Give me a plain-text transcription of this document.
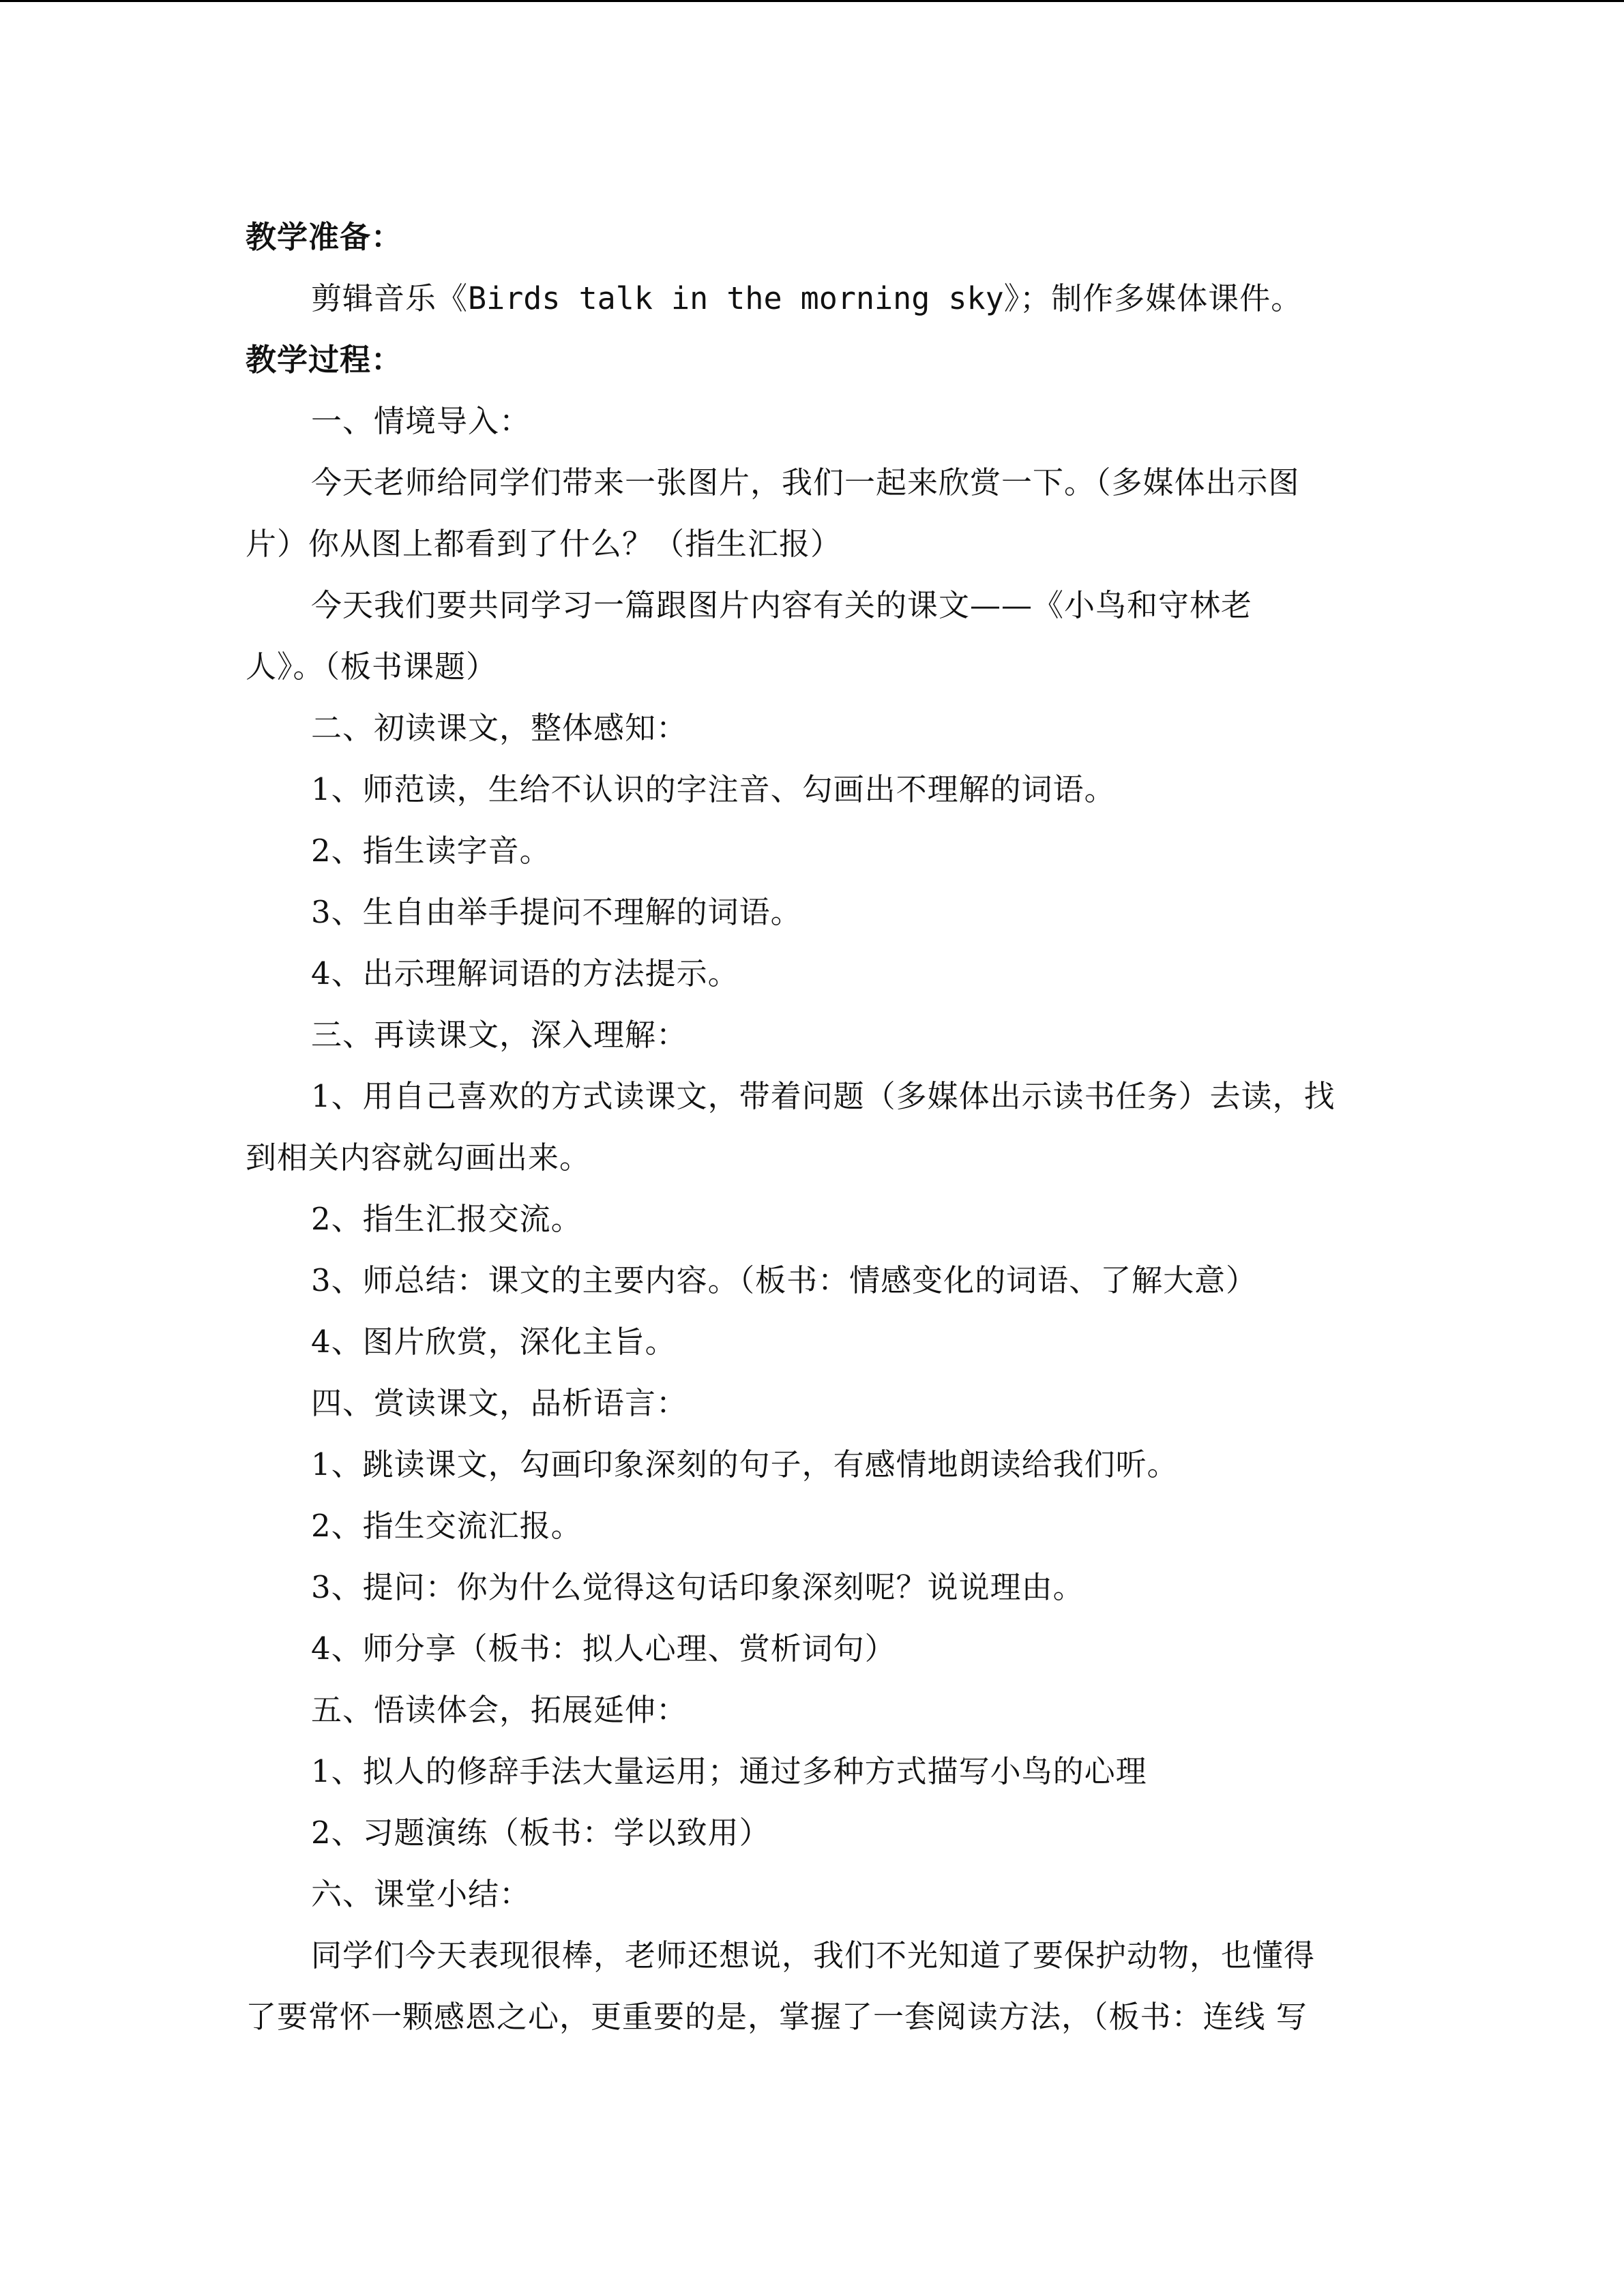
教学准备：
剪辑音乐《Birds talk in the morning sky》；制作多媒体课件。
教学过程：
一、情境导入：
今天老师给同学们带来一张图片，我们一起来欣赏一下。（多媒体出示图
片）你从图上都看到了什么？（指生汇报）
今天我们要共同学习一篇跟图片内容有关的课文——《小鸟和守林老
人》。（板书课题）
二、初读课文，整体感知：
1、师范读，生给不认识的字注音、勾画出不理解的词语。
2、指生读字音。
3、生自由举手提问不理解的词语。
4、出示理解词语的方法提示。
三、再读课文，深入理解：
1、用自己喜欢的方式读课文，带着问题（多媒体出示读书任务）去读，找
到相关内容就勾画出来。
2、指生汇报交流。
3、师总结：课文的主要内容。（板书：情感变化的词语、了解大意）
4、图片欣赏，深化主旨。
四、赏读课文，品析语言：
1、跳读课文，勾画印象深刻的句子，有感情地朗读给我们听。
2、指生交流汇报。
3、提问：你为什么觉得这句话印象深刻呢？说说理由。
4、师分享（板书：拟人心理、赏析词句）
五、悟读体会，拓展延伸：
1、拟人的修辞手法大量运用；通过多种方式描写小鸟的心理
2、习题演练（板书：学以致用）
六、课堂小结：
同学们今天表现很棒，老师还想说，我们不光知道了要保护动物，也懂得
了要常怀一颗感恩之心，更重要的是，掌握了一套阅读方法，（板书：连线 写
